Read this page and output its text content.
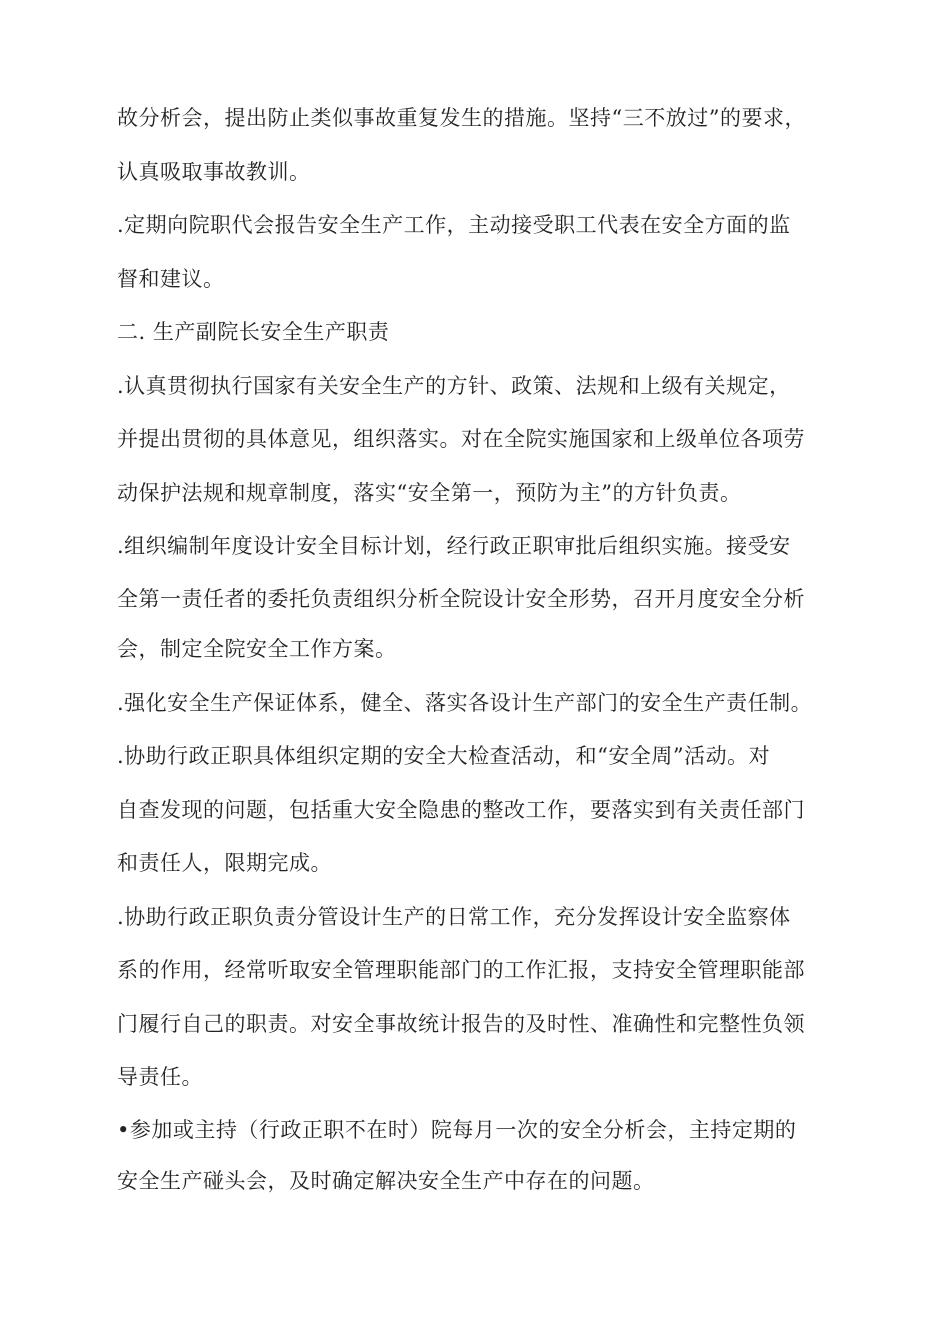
故分析会，提出防止类似事故重复发生的措施。坚持“三不放过”的要求，
认真吸取事故教训。
.定期向院职代会报告安全生产工作，主动接受职工代表在安全方面的监
督和建议。
二. 生产副院长安全生产职责
.认真贯彻执行国家有关安全生产的方针、政策、法规和上级有关规定，
并提出贯彻的具体意见，组织落实。对在全院实施国家和上级单位各项劳
动保护法规和规章制度，落实“安全第一，预防为主”的方针负责。
.组织编制年度设计安全目标计划，经行政正职审批后组织实施。接受安
全第一责任者的委托负责组织分析全院设计安全形势，召开月度安全分析
会，制定全院安全工作方案。
.强化安全生产保证体系，健全、落实各设计生产部门的安全生产责任制。
.协助行政正职具体组织定期的安全大检查活动，和“安全周”活动。对
自查发现的问题，包括重大安全隐患的整改工作，要落实到有关责任部门
和责任人，限期完成。
.协助行政正职负责分管设计生产的日常工作，充分发挥设计安全监察体
系的作用，经常听取安全管理职能部门的工作汇报，支持安全管理职能部
门履行自己的职责。对安全事故统计报告的及时性、准确性和完整性负领
导责任。
•参加或主持（行政正职不在时）院每月一次的安全分析会，主持定期的
安全生产碰头会，及时确定解决安全生产中存在的问题。
